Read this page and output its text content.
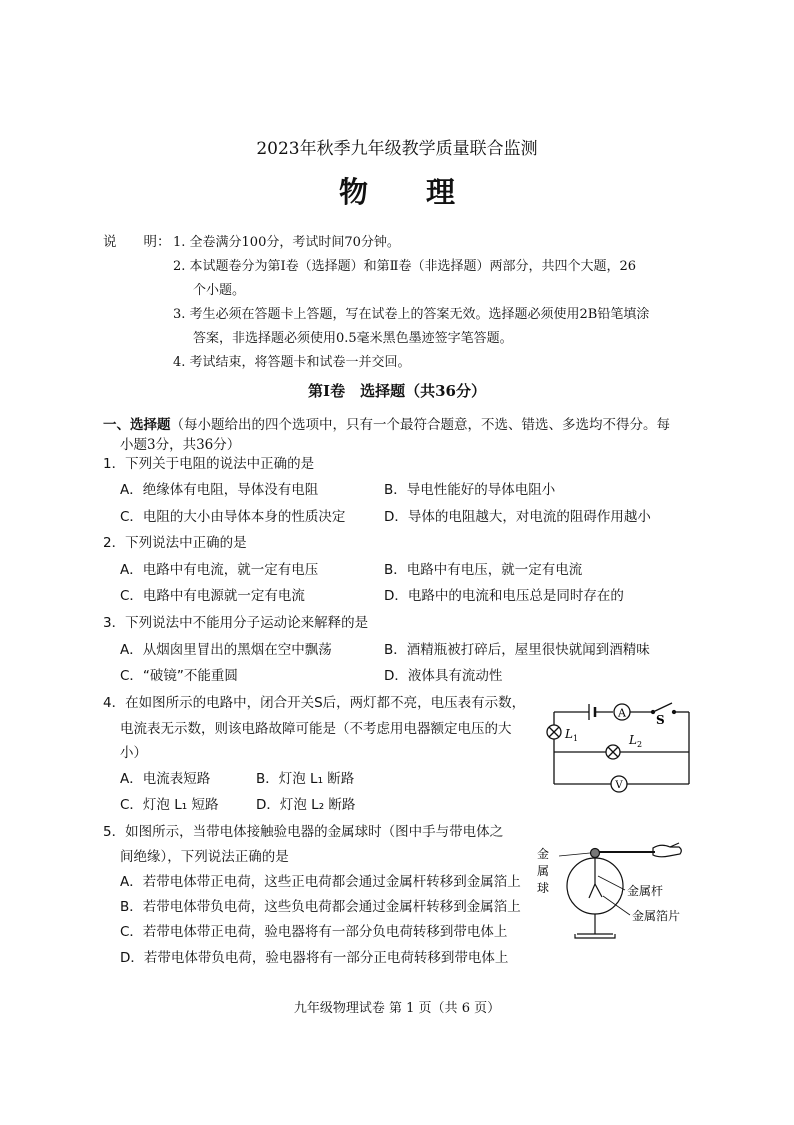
2023年秋季九年级教学质量联合监测
物 理
说　　明： 1. 全卷满分100分，考试时间70分钟。
2. 本试题卷分为第Ⅰ卷（选择题）和第Ⅱ卷（非选择题）两部分，共四个大题，26
个小题。
3. 考生必须在答题卡上答题，写在试卷上的答案无效。选择题必须使用2B铅笔填涂
答案，非选择题必须使用0.5毫米黑色墨迹签字笔答题。
4. 考试结束，将答题卡和试卷一并交回。
第Ⅰ卷　选择题（共36分）
一、选择题（每小题给出的四个选项中，只有一个最符合题意，不选、错选、多选均不得分。每
小题3分，共36分）
1．下列关于电阻的说法中正确的是
A．绝缘体有电阻，导体没有电阻	B．导电性能好的导体电阻小
C．电阻的大小由导体本身的性质决定	D．导体的电阻越大，对电流的阻碍作用越小
2．下列说法中正确的是
A．电路中有电流，就一定有电压	B．电路中有电压，就一定有电流
C．电路中有电源就一定有电流	D．电路中的电流和电压总是同时存在的
3．下列说法中不能用分子运动论来解释的是
A．从烟囱里冒出的黑烟在空中飘荡	B．酒精瓶被打碎后，屋里很快就闻到酒精味
C．“破镜”不能重圆	D．液体具有流动性
4．在如图所示的电路中，闭合开关S后，两灯都不亮，电压表有示数，
电流表无示数，则该电路故障可能是（不考虑用电器额定电压的大
小）
A．电流表短路	B．灯泡 L₁ 断路
C．灯泡 L₁ 短路	D．灯泡 L₂ 断路
A	S
L 1	L 2
V
5．如图所示，当带电体接触验电器的金属球时（图中手与带电体之
间绝缘），下列说法正确的是
A．若带电体带正电荷，这些正电荷都会通过金属杆转移到金属箔上
B．若带电体带负电荷，这些负电荷都会通过金属杆转移到金属箔上
C．若带电体带正电荷，验电器将有一部分负电荷转移到带电体上
D．若带电体带负电荷，验电器将有一部分正电荷转移到带电体上
金
属
球	金属杆
金属箔片
九年级物理试卷 第 1 页（共 6 页）
